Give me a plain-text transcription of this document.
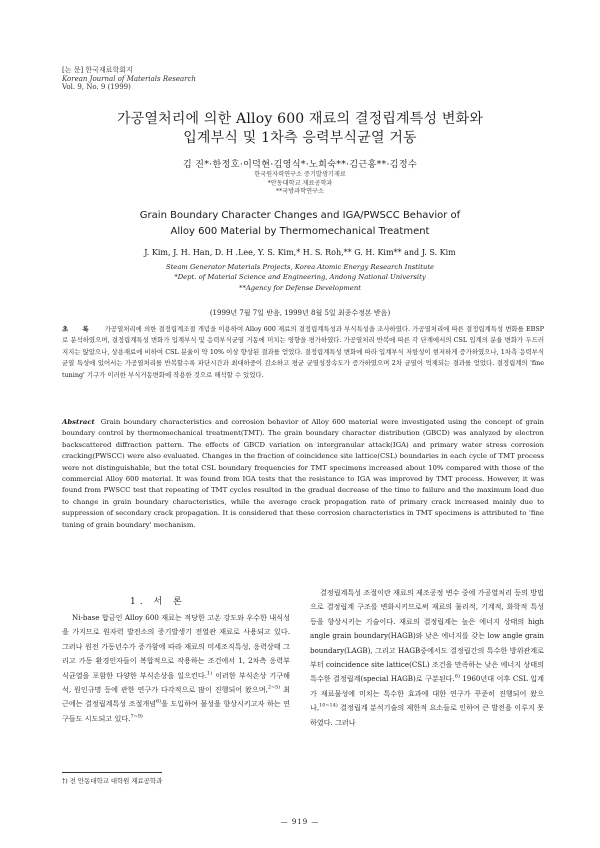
[논 문] 한국재료학회지
Korean Journal of Materials Research
Vol. 9, No. 9 (1999)
가공열처리에 의한 Alloy 600 재료의 결정립계특성 변화와
입계부식 및 1차측 응력부식균열 거동
김 진*·한정호·이덕현·김영식*·노희숙**·김근홍**·김정수
한국원자력연구소 증기발생기재료
*안동대학교 재료공학과
**국방과학연구소
Grain Boundary Character Changes and IGA/PWSCC Behavior of
Alloy 600 Material by Thermomechanical Treatment
J. Kim, J. H. Han, D. H .Lee, Y. S. Kim,* H. S. Roh,** G. H. Kim** and J. S. Kim
Steam Generator Materials Projects, Korea Atomic Energy Research Institute
*Dept. of Material Science and Engineering, Andong National University
**Agency for Defense Development
(1999년 7월 7일 받음, 1999년 8월 5일 최종수정본 받음)
초 록 가공열처리에 의한 결정립계조절 개념을 이용하여 Alloy 600 재료의 결정립계특성과 부식특성을 조사하였다. 가공열처리에 따른 결정립계특성 변화를 EBSP로 분석하였으며, 결정립계특성 변화가 입계부식 및 응력부식균열 거동에 미치는 영향을 평가하였다. 가공열처리 반복에 따른 각 단계에서의 CSL 입계의 분율 변화가 두드러지지는 않았으나, 상용재료에 비하여 CSL 분율이 약 10% 이상 향상된 결과를 얻었다. 결정립계특성 변화에 따라 입계부식 저항성이 현저하게 증가하였으나, 1차측 응력부식균열 특성에 있어서는 가공열처리를 반복할수록 파단시간과 최대하중이 감소하고 평균 균열성장속도가 증가하였으며 2차 균열이 억제되는 결과를 얻었다. 결정립계의 'fine tuning' 기구가 이러한 부식거동변화에 작용한 것으로 해석할 수 있었다.
Abstract Grain boundary characteristics and corrosion behavior of Alloy 600 material were investigated using the concept of grain boundary control by thermomechanical treatment(TMT). The grain boundary character distribution (GBCD) was analyzed by electron backscattered diffraction pattern. The effects of GBCD variation on intergranular attack(IGA) and primary water stress corrosion cracking(PWSCC) were also evaluated. Changes in the fraction of coincidence site lattice(CSL) boundaries in each cycle of TMT process were not distinguishable, but the total CSL boundary frequencies for TMT specimens increased about 10% compared with those of the commercial Alloy 600 material. It was found from IGA tests that the resistance to IGA was improved by TMT process. However, it was found from PWSCC test that repeating of TMT cycles resulted in the gradual decrease of the time to failure and the maximum load due to change in grain boundary characteristics, while the average crack propagation rate of primary crack increased mainly due to suppression of secondary crack propagation. It is considered that these corrosion characteristics in TMT specimens is attributed to 'fine tuning of grain boundary' mechanism.
1. 서 론
Ni-base 합금인 Alloy 600 재료는 적당한 고온 강도와 우수한 내식성을 가지므로 원자력 발전소의 증기발생기 전열관 재료로 사용되고 있다. 그러나 원전 가동년수가 증가함에 따라 재료의 미세조직특성, 응력상태 그리고 가동 환경인자들이 복합적으로 작용하는 조건에서 1, 2차측 응력부식균열을 포함한 다양한 부식손상을 일으킨다.$^{1)}$ 이러한 부식손상 기구해석, 원인규명 등에 관한 연구가 다각적으로 많이 진행되어 왔으며,$^{2\sim 5)}$ 최근에는 결정립계특성 조절개념$^{6)}$을 도입하여 물성을 향상시키고자 하는 연구들도 시도되고 있다.$^{7\sim 9)}$
결정립계특성 조절이란 재료의 제조공정 변수 중에 가공열처리 등의 방법으로 결정립계 구조를 변화시키므로써 재료의 물리적, 기계적, 화학적 특성 등을 향상시키는 기술이다. 재료의 결정립계는 높은 에너지 상태의 high angle grain boundary(HAGB)와 낮은 에너지를 갖는 low angle grain boundary(LAGB), 그리고 HAGB중에서도 결정립간의 특수한 방위관계로부터 coincidence site lattice(CSL) 조건을 만족하는 낮은 에너지 상태의 특수한 결정립계(special HAGB)로 구분된다.$^{6)}$ 1960년대 이후 CSL 입계가 재료물성에 미치는 특수한 효과에 대한 연구가 꾸준히 진행되어 왔으나,$^{10\sim 14)}$ 결정립계 분석기술의 제한적 요소들로 인하여 큰 발전을 이루지 못하였다. 그러나
†) 전 안동대학교 대학원 재료공학과
— 919 —
